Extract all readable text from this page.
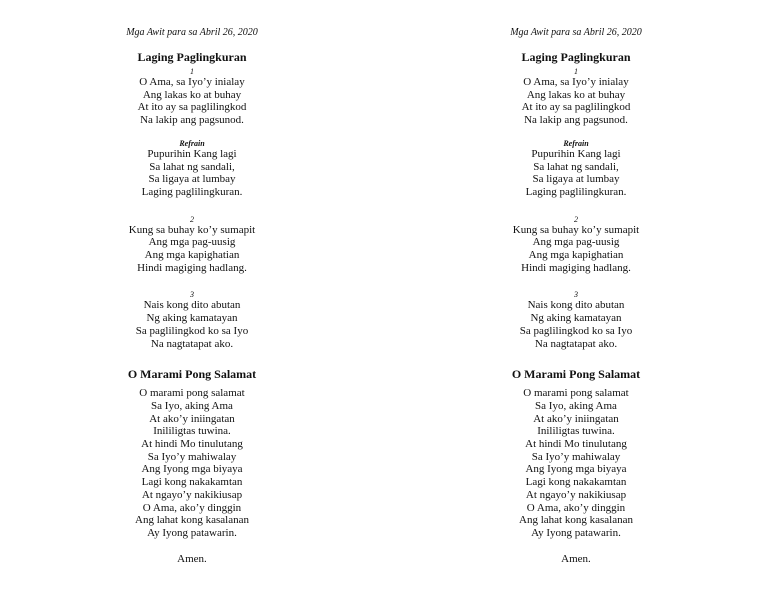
Mga Awit para sa Abril 26, 2020

Laging Paglingkuran

1

O Ama, sa Iyo’y inialay

Ang lakas ko at buhay

At ito ay sa paglilingkod

Na lakip ang pagsunod.

Refrain

Pupurihin Kang lagi

Sa lahat ng sandali,

Sa ligaya at lumbay

Laging paglilingkuran.

2

Kung sa buhay ko’y sumapit

Ang mga pag-uusig

Ang mga kapighatian

Hindi magiging hadlang.

3

Nais kong dito abutan

Ng aking kamatayan

Sa paglilingkod ko sa Iyo

Na nagtatapat ako.

O Marami Pong Salamat

O marami pong salamat

Sa Iyo, aking Ama

At ako’y iniingatan

Inililigtas tuwina.

At hindi Mo tinulutang

Sa Iyo’y mahiwalay

Ang Iyong mga biyaya

Lagi kong nakakamtan

At ngayo’y nakikiusap

O Ama, ako’y dinggin

Ang lahat kong kasalanan

Ay Iyong patawarin.

Amen.

Mga Awit para sa Abril 26, 2020

Laging Paglingkuran

1

O Ama, sa Iyo’y inialay

Ang lakas ko at buhay

At ito ay sa paglilingkod

Na lakip ang pagsunod.

Refrain

Pupurihin Kang lagi

Sa lahat ng sandali,

Sa ligaya at lumbay

Laging paglilingkuran.

2

Kung sa buhay ko’y sumapit

Ang mga pag-uusig

Ang mga kapighatian

Hindi magiging hadlang.

3

Nais kong dito abutan

Ng aking kamatayan

Sa paglilingkod ko sa Iyo

Na nagtatapat ako.

O Marami Pong Salamat

O marami pong salamat

Sa Iyo, aking Ama

At ako’y iniingatan

Inililigtas tuwina.

At hindi Mo tinulutang

Sa Iyo’y mahiwalay

Ang Iyong mga biyaya

Lagi kong nakakamtan

At ngayo’y nakikiusap

O Ama, ako’y dinggin

Ang lahat kong kasalanan

Ay Iyong patawarin.

Amen.
